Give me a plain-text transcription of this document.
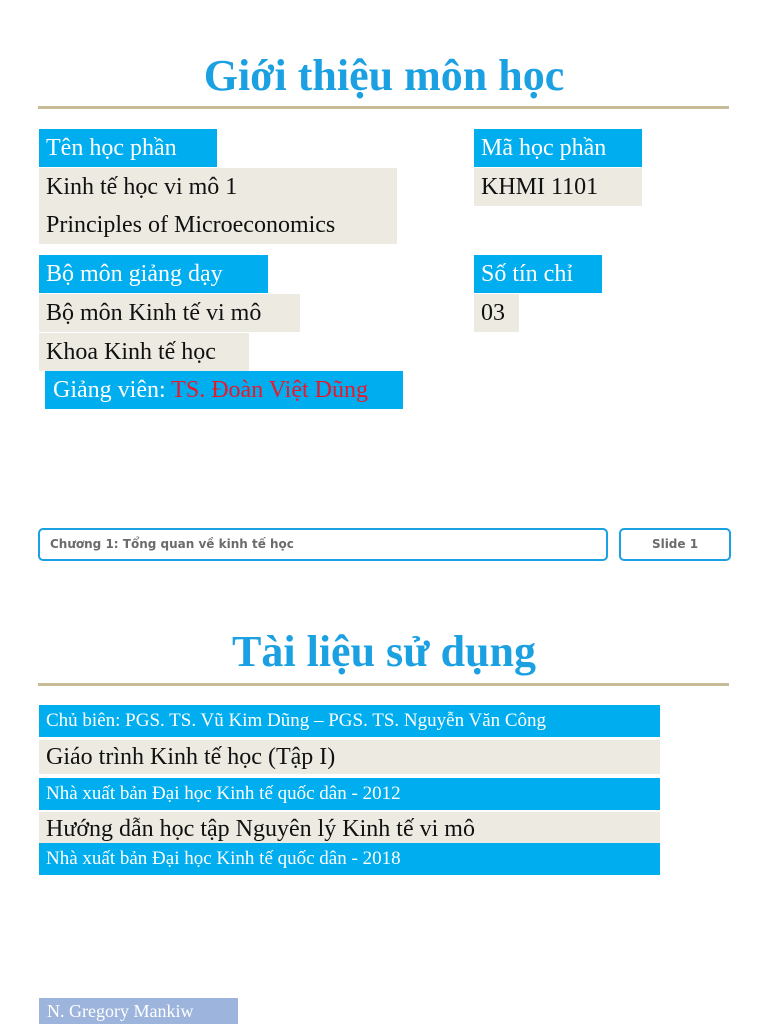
Giới thiệu môn học
Tên học phần
Kinh tế học vi mô 1
Principles of Microeconomics
Mã học phần
KHMI 1101
Bộ môn giảng dạy
Bộ môn Kinh tế vi mô
Khoa Kinh tế học
Số tín chỉ
03
Giảng viên: TS. Đoàn Việt Dũng
Chương 1: Tổng quan về kinh tế học	Slide 1
Tài liệu sử dụng
Chủ biên: PGS. TS. Vũ Kim Dũng – PGS. TS. Nguyễn Văn Công
Giáo trình Kinh tế học (Tập I)
Nhà xuất bản Đại học Kinh tế quốc dân - 2012
Hướng dẫn học tập Nguyên lý Kinh tế vi mô
Nhà xuất bản Đại học Kinh tế quốc dân - 2018
N. Gregory Mankiw
